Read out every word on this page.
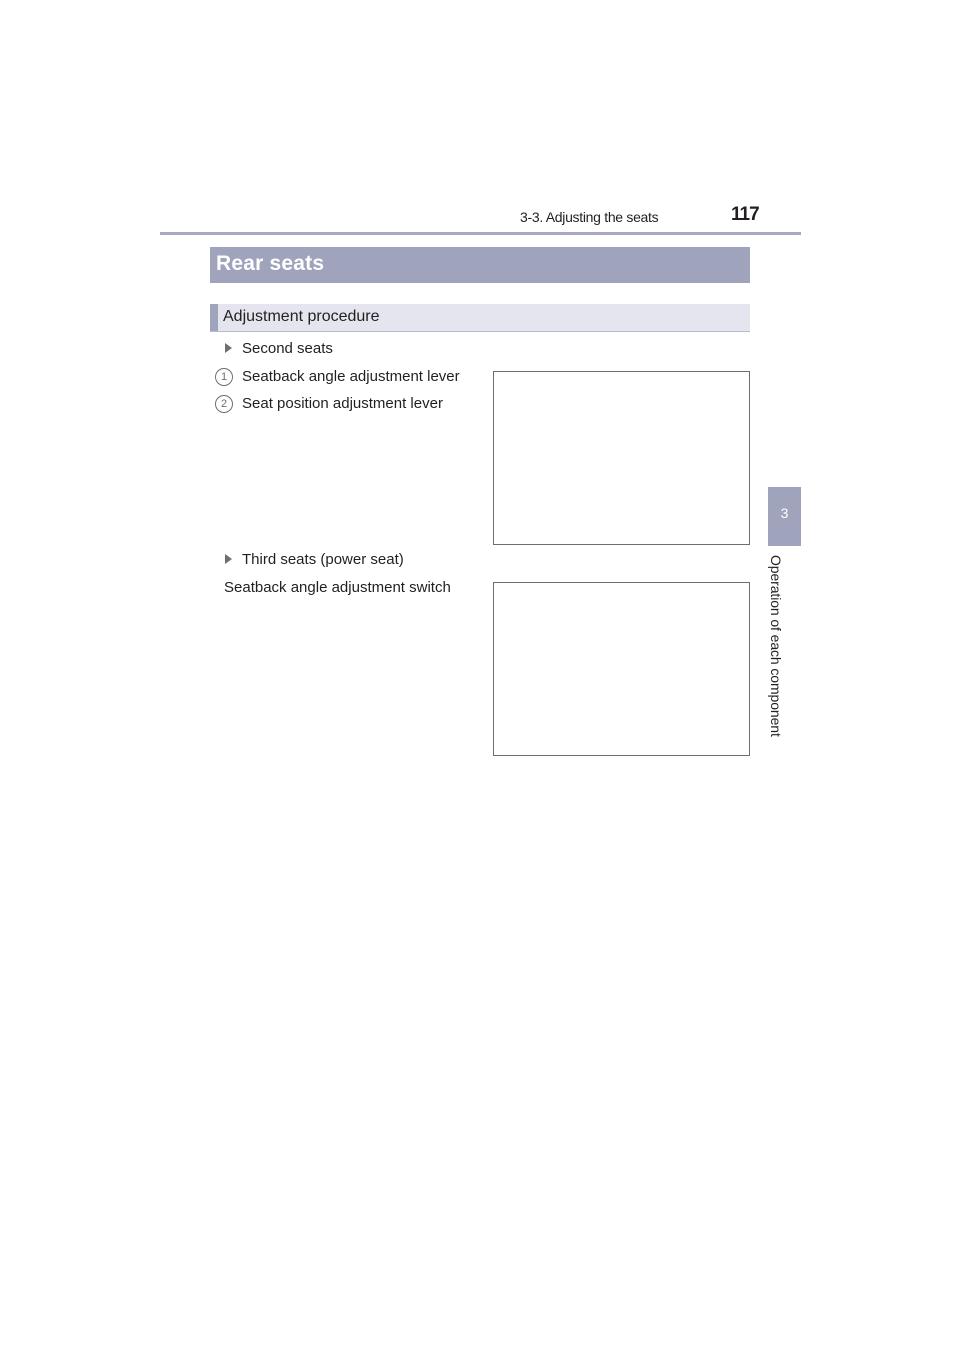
3-3. Adjusting the seats	117
3
Operation of each component
Rear seats
Adjustment procedure
Second seats
1 Seatback angle adjustment lever
2 Seat position adjustment lever
Third seats (power seat)
Seatback angle adjustment switch
